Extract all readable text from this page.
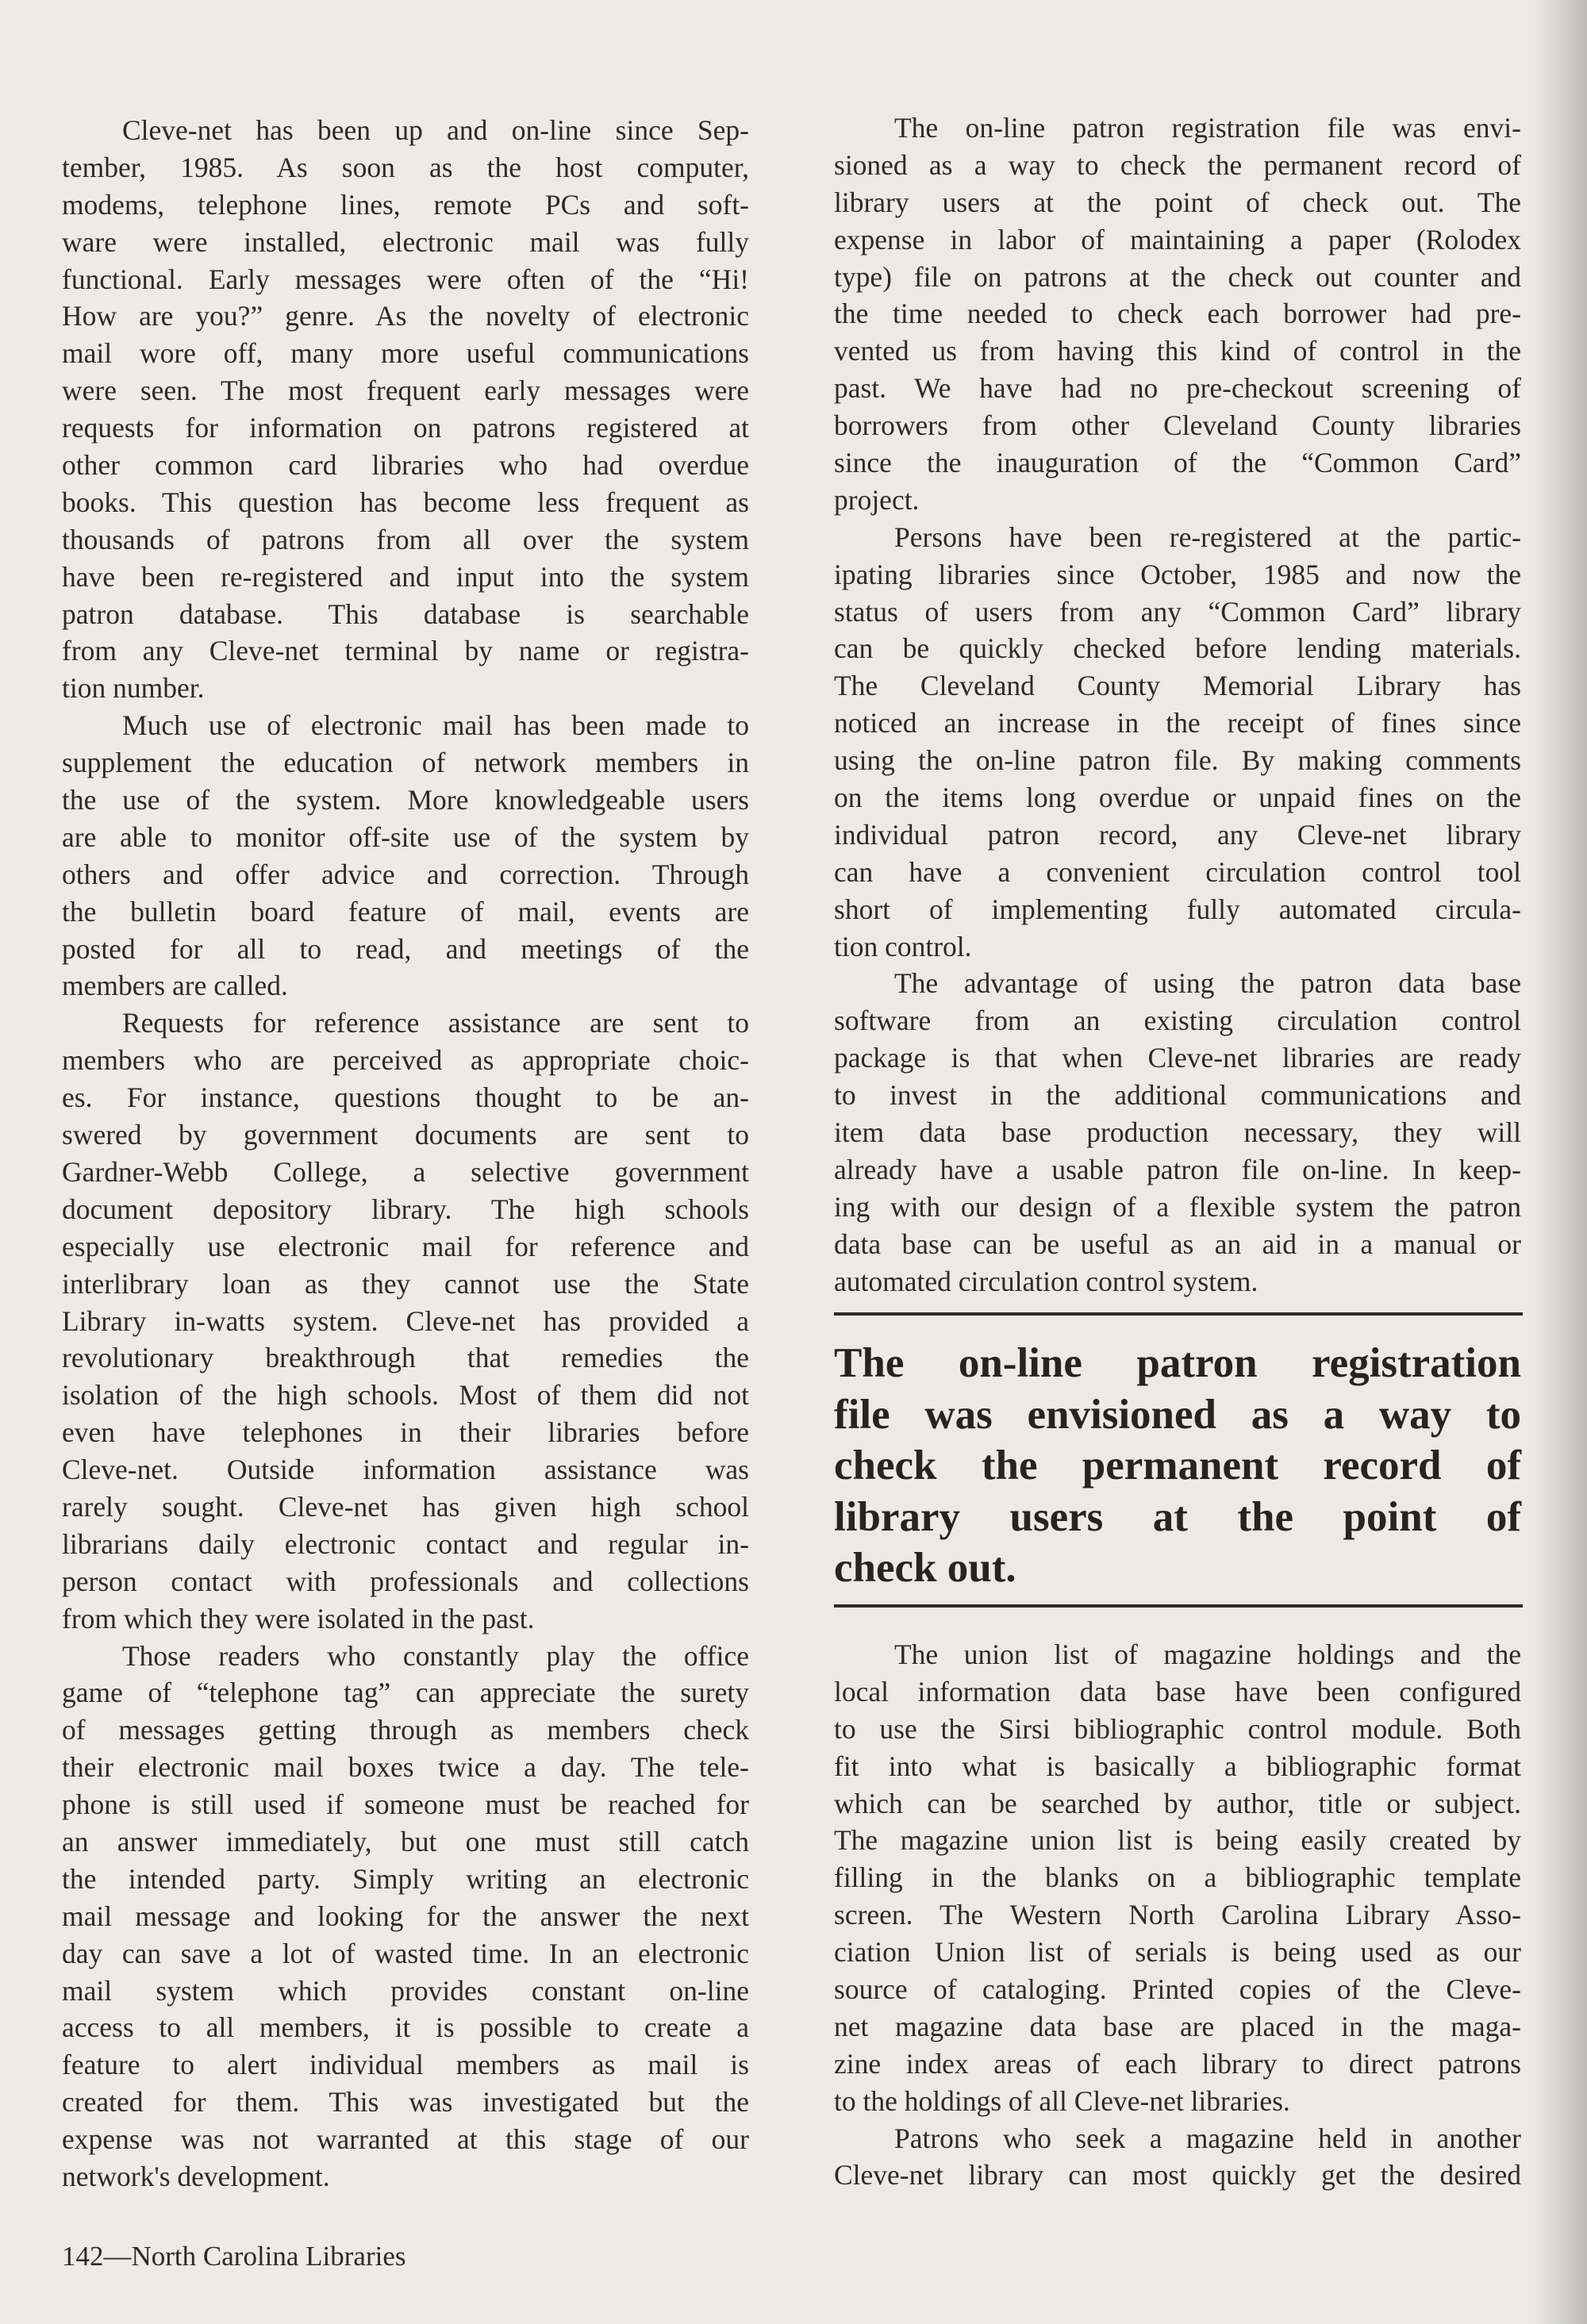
Cleve-net has been up and on-line since Sep-
tember, 1985. As soon as the host computer,
modems, telephone lines, remote PCs and soft-
ware were installed, electronic mail was fully
functional. Early messages were often of the “Hi!
How are you?” genre. As the novelty of electronic
mail wore off, many more useful communications
were seen. The most frequent early messages were
requests for information on patrons registered at
other common card libraries who had overdue
books. This question has become less frequent as
thousands of patrons from all over the system
have been re-registered and input into the system
patron database. This database is searchable
from any Cleve-net terminal by name or registra-
tion number.
Much use of electronic mail has been made to
supplement the education of network members in
the use of the system. More knowledgeable users
are able to monitor off-site use of the system by
others and offer advice and correction. Through
the bulletin board feature of mail, events are
posted for all to read, and meetings of the
members are called.
Requests for reference assistance are sent to
members who are perceived as appropriate choic-
es. For instance, questions thought to be an-
swered by government documents are sent to
Gardner-Webb College, a selective government
document depository library. The high schools
especially use electronic mail for reference and
interlibrary loan as they cannot use the State
Library in-watts system. Cleve-net has provided a
revolutionary breakthrough that remedies the
isolation of the high schools. Most of them did not
even have telephones in their libraries before
Cleve-net. Outside information assistance was
rarely sought. Cleve-net has given high school
librarians daily electronic contact and regular in-
person contact with professionals and collections
from which they were isolated in the past.
Those readers who constantly play the office
game of “telephone tag” can appreciate the surety
of messages getting through as members check
their electronic mail boxes twice a day. The tele-
phone is still used if someone must be reached for
an answer immediately, but one must still catch
the intended party. Simply writing an electronic
mail message and looking for the answer the next
day can save a lot of wasted time. In an electronic
mail system which provides constant on-line
access to all members, it is possible to create a
feature to alert individual members as mail is
created for them. This was investigated but the
expense was not warranted at this stage of our
network's development.
The on-line patron registration file was envi-
sioned as a way to check the permanent record of
library users at the point of check out. The
expense in labor of maintaining a paper (Rolodex
type) file on patrons at the check out counter and
the time needed to check each borrower had pre-
vented us from having this kind of control in the
past. We have had no pre-checkout screening of
borrowers from other Cleveland County libraries
since the inauguration of the “Common Card”
project.
Persons have been re-registered at the partic-
ipating libraries since October, 1985 and now the
status of users from any “Common Card” library
can be quickly checked before lending materials.
The Cleveland County Memorial Library has
noticed an increase in the receipt of fines since
using the on-line patron file. By making comments
on the items long overdue or unpaid fines on the
individual patron record, any Cleve-net library
can have a convenient circulation control tool
short of implementing fully automated circula-
tion control.
The advantage of using the patron data base
software from an existing circulation control
package is that when Cleve-net libraries are ready
to invest in the additional communications and
item data base production necessary, they will
already have a usable patron file on-line. In keep-
ing with our design of a flexible system the patron
data base can be useful as an aid in a manual or
automated circulation control system.
The on-line patron registration
file was envisioned as a way to
check the permanent record of
library users at the point of
check out.
The union list of magazine holdings and the
local information data base have been configured
to use the Sirsi bibliographic control module. Both
fit into what is basically a bibliographic format
which can be searched by author, title or subject.
The magazine union list is being easily created by
filling in the blanks on a bibliographic template
screen. The Western North Carolina Library Asso-
ciation Union list of serials is being used as our
source of cataloging. Printed copies of the Cleve-
net magazine data base are placed in the maga-
zine index areas of each library to direct patrons
to the holdings of all Cleve-net libraries.
Patrons who seek a magazine held in another
Cleve-net library can most quickly get the desired
142—North Carolina Libraries
